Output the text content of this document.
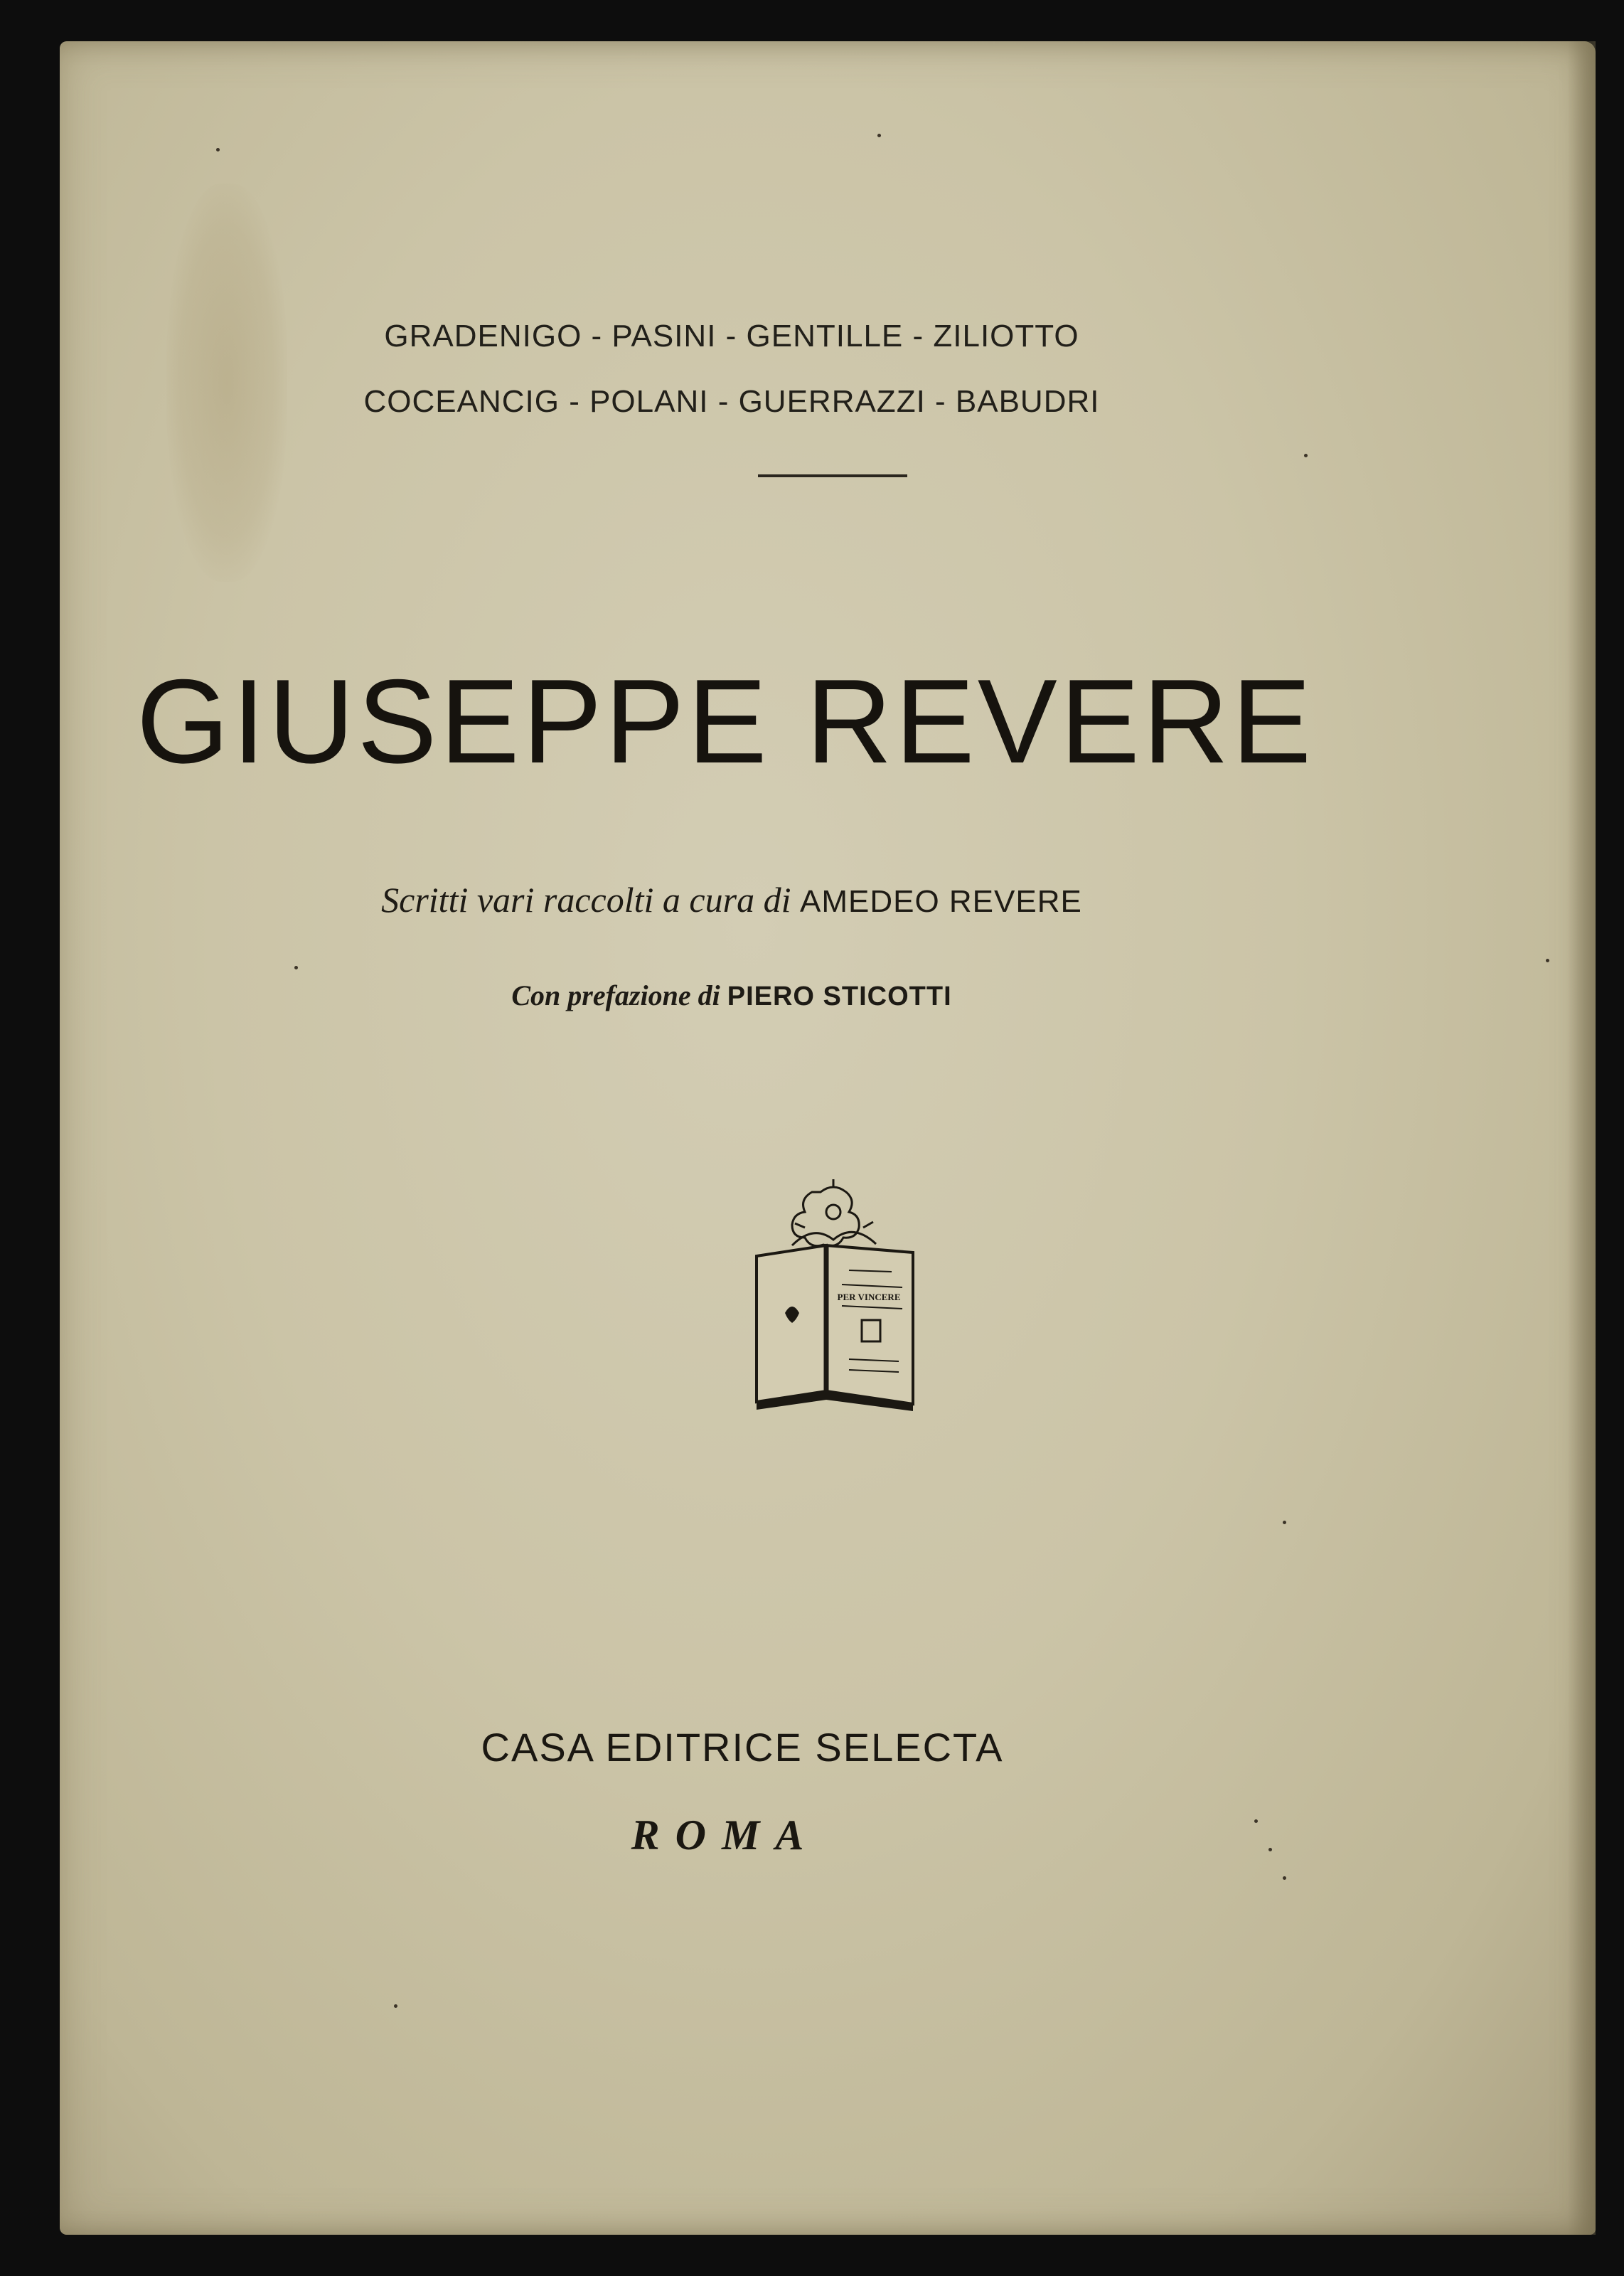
GRADENIGO - PASINI - GENTILLE - ZILIOTTO
COCEANCIG - POLANI - GUERRAZZI - BABUDRI
GIUSEPPE REVERE
Scritti vari raccolti a cura di AMEDEO REVERE
Con prefazione di PIERO STICOTTI
PER VINCERE
CASA EDITRICE SELECTA
ROMA
